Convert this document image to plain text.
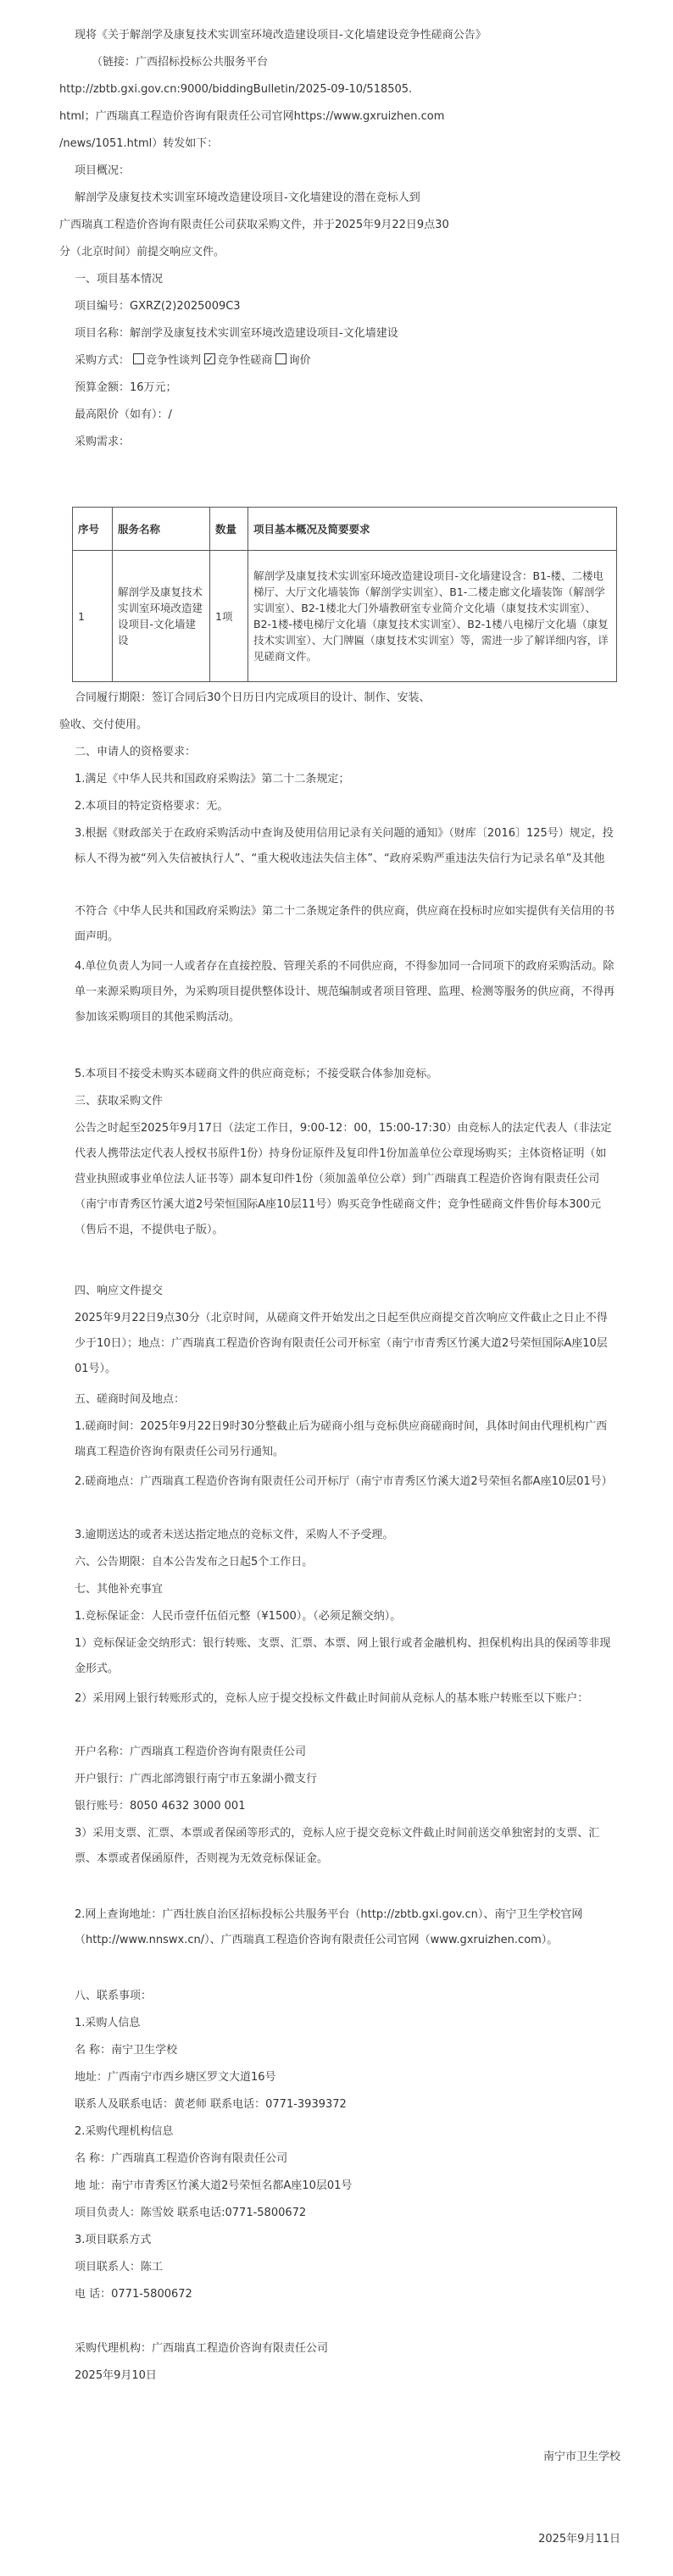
现将《关于解剖学及康复技术实训室环境改造建设项目-文化墙建设竞争性磋商公告》
（链接：广西招标投标公共服务平台
http://zbtb.gxi.gov.cn:9000/biddingBulletin/2025-09-10/518505.
html；广西瑞真工程造价咨询有限责任公司官网https://www.gxruizhen.com
/news/1051.html）转发如下：
项目概况：
解剖学及康复技术实训室环境改造建设项目-文化墙建设的潜在竞标人到
广西瑞真工程造价咨询有限责任公司获取采购文件，并于2025年9月22日9点30
分（北京时间）前提交响应文件。
一、项目基本情况
项目编号：GXRZ(2)2025009C3
项目名称：解剖学及康复技术实训室环境改造建设项目-文化墙建设
采购方式： 竞争性谈判 ✓ 竞争性磋商 询价
预算金额：16万元；
最高限价（如有）：/
采购需求：
序号	服务名称	数量	项目基本概况及简要要求
1	解剖学及康复技术实训室环境改造建设项目-文化墙建设	1项	解剖学及康复技术实训室环境改造建设项目-文化墙建设含：B1-楼、二楼电梯厅、大厅文化墙装饰（解剖学实训室）、B1-二楼走廊文化墙装饰（解剖学实训室）、B2-1楼北大门外墙教研室专业简介文化墙（康复技术实训室）、B2-1楼-楼电梯厅文化墙（康复技术实训室）、B2-1楼八电梯厅文化墙（康复技术实训室）、大门牌匾（康复技术实训室）等，需进一步了解详细内容，详见磋商文件。
合同履行期限：签订合同后30个日历日内完成项目的设计、制作、安装、
验收、交付使用。
二、申请人的资格要求：
1.满足《中华人民共和国政府采购法》第二十二条规定；
2.本项目的特定资格要求：无。
3.根据《财政部关于在政府采购活动中查询及使用信用记录有关问题的通知》（财库〔2016〕125号）规定，投标人不得为被“列入失信被执行人”、“重大税收违法失信主体”、“政府采购严重违法失信行为记录名单”及其他
不符合《中华人民共和国政府采购法》第二十二条规定条件的供应商，供应商在投标时应如实提供有关信用的书面声明。
4.单位负责人为同一人或者存在直接控股、管理关系的不同供应商，不得参加同一合同项下的政府采购活动。除单一来源采购项目外，为采购项目提供整体设计、规范编制或者项目管理、监理、检测等服务的供应商，不得再参加该采购项目的其他采购活动。
5.本项目不接受未购买本磋商文件的供应商竞标；不接受联合体参加竞标。
三、获取采购文件
公告之时起至2025年9月17日（法定工作日，9:00-12：00，15:00-17:30）由竞标人的法定代表人（非法定代表人携带法定代表人授权书原件1份）持身份证原件及复印件1份加盖单位公章现场购买；主体资格证明（如营业执照或事业单位法人证书等）副本复印件1份（须加盖单位公章）到广西瑞真工程造价咨询有限责任公司（南宁市青秀区竹溪大道2号荣恒国际A座10层11号）购买竞争性磋商文件；竞争性磋商文件售价每本300元（售后不退，不提供电子版）。
四、响应文件提交
2025年9月22日9点30分（北京时间，从磋商文件开始发出之日起至供应商提交首次响应文件截止之日止不得少于10日）；地点：广西瑞真工程造价咨询有限责任公司开标室（南宁市青秀区竹溪大道2号荣恒国际A座10层01号）。
五、磋商时间及地点：
1.磋商时间：2025年9月22日9时30分整截止后为磋商小组与竞标供应商磋商时间，具体时间由代理机构广西瑞真工程造价咨询有限责任公司另行通知。
2.磋商地点：广西瑞真工程造价咨询有限责任公司开标厅（南宁市青秀区竹溪大道2号荣恒名都A座10层01号）
3.逾期送达的或者未送达指定地点的竞标文件，采购人不予受理。
六、公告期限：自本公告发布之日起5个工作日。
七、其他补充事宜
1.竞标保证金：人民币壹仟伍佰元整（¥1500）。（必须足额交纳）。
1）竞标保证金交纳形式：银行转账、支票、汇票、本票、网上银行或者金融机构、担保机构出具的保函等非现金形式。
2）采用网上银行转账形式的，竞标人应于提交投标文件截止时间前从竞标人的基本账户转账至以下账户：
开户名称：广西瑞真工程造价咨询有限责任公司
开户银行：广西北部湾银行南宁市五象湖小微支行
银行账号：8050 4632 3000 001
3）采用支票、汇票、本票或者保函等形式的，竞标人应于提交竞标文件截止时间前送交单独密封的支票、汇票、本票或者保函原件，否则视为无效竞标保证金。
2.网上查询地址：广西壮族自治区招标投标公共服务平台（http://zbtb.gxi.gov.cn）、南宁卫生学校官网（http://www.nnswx.cn/）、广西瑞真工程造价咨询有限责任公司官网（www.gxruizhen.com）。
八、联系事项：
1.采购人信息
名 称：南宁卫生学校
地址：广西南宁市西乡塘区罗文大道16号
联系人及联系电话：黄老师 联系电话：0771-3939372
2.采购代理机构信息
名 称：广西瑞真工程造价咨询有限责任公司
地 址：南宁市青秀区竹溪大道2号荣恒名都A座10层01号
项目负责人：陈雪姣 联系电话:0771-5800672
3.项目联系方式
项目联系人：陈工
电 话：0771-5800672
采购代理机构：广西瑞真工程造价咨询有限责任公司
2025年9月10日
南宁市卫生学校
2025年9月11日
